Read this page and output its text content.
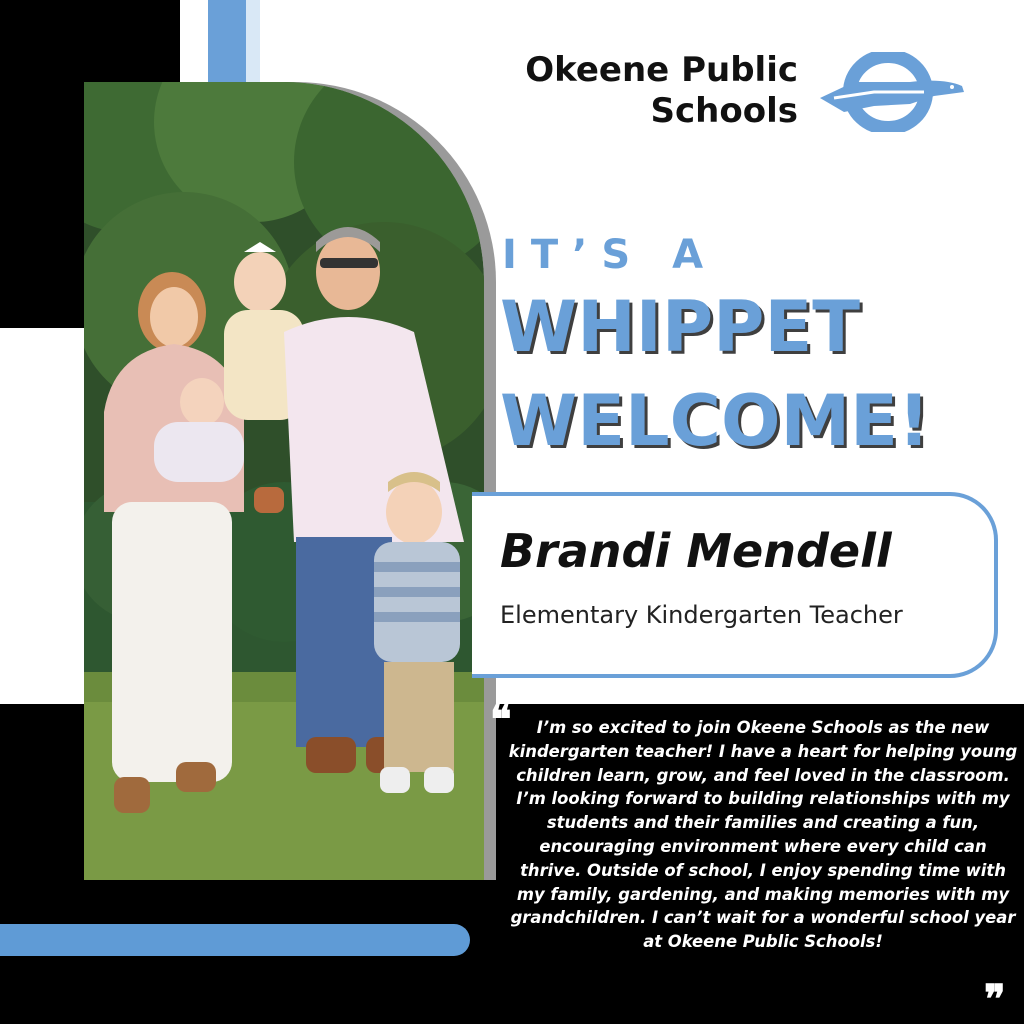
Okeene Public
Schools
IT’S A
WHIPPET
WELCOME!
Brandi Mendell
Elementary Kindergarten Teacher
❝	I’m so excited to join Okeene Schools as the new kindergarten teacher! I have a heart for helping young children learn, grow, and feel loved in the classroom. I’m looking forward to building relationships with my students and their families and creating a fun, encouraging environment where every child can thrive. Outside of school, I enjoy spending time with my family, gardening, and making memories with my grandchildren. I can’t wait for a wonderful school year at Okeene Public Schools!

❞
